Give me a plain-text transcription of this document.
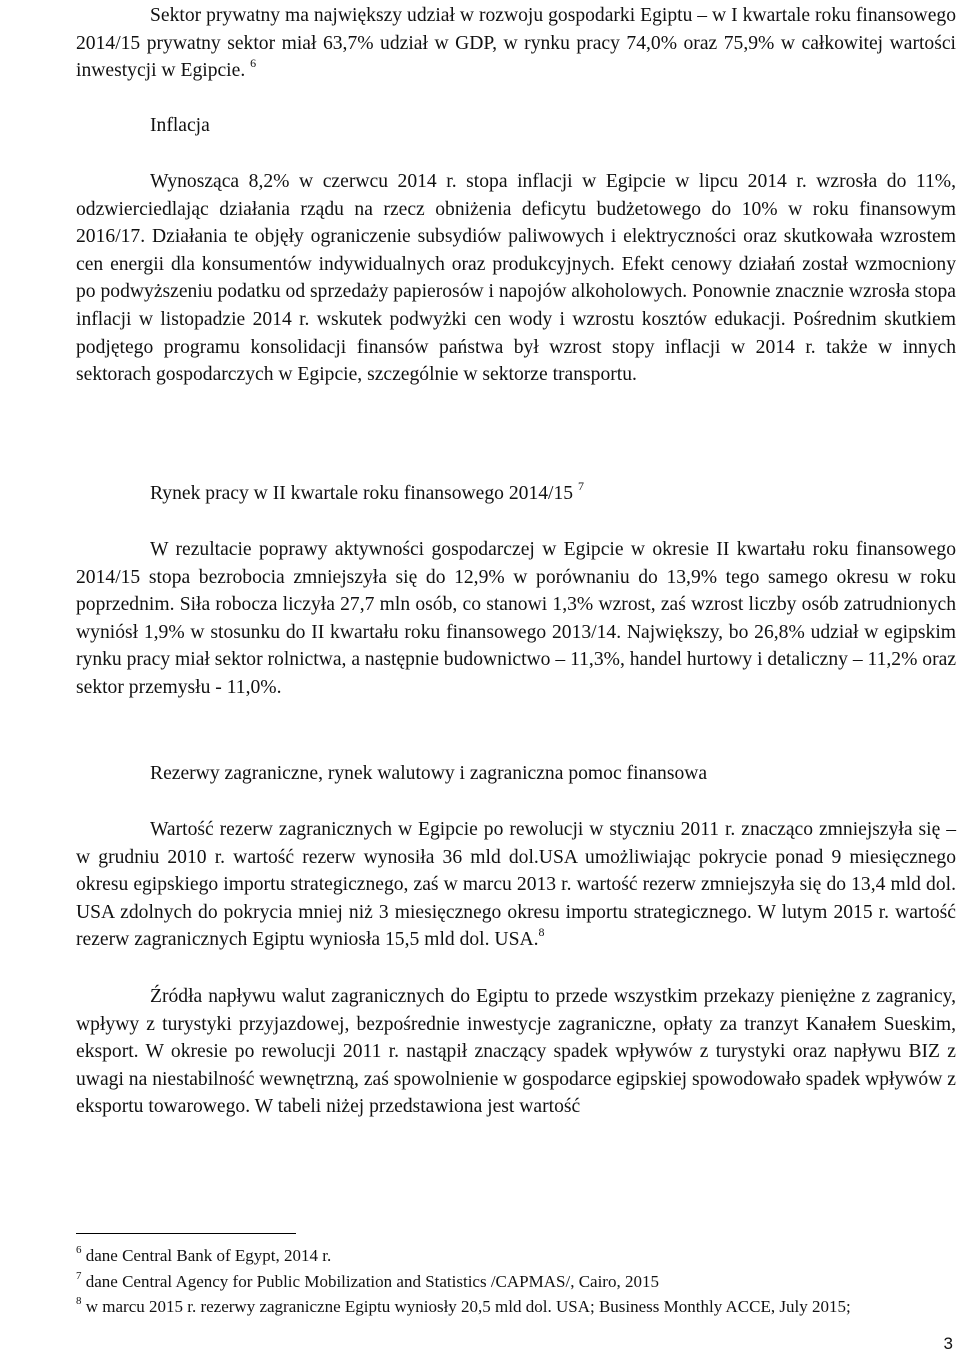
Sektor prywatny ma największy udział w rozwoju gospodarki Egiptu – w I kwartale roku finansowego 2014/15 prywatny sektor miał 63,7% udział w GDP, w rynku pracy 74,0% oraz 75,9% w całkowitej wartości inwestycji w Egipcie. $^6$

Inflacja

Wynosząca 8,2% w czerwcu 2014 r. stopa inflacji w Egipcie w lipcu 2014 r. wzrosła do 11%, odzwierciedlając działania rządu na rzecz obniżenia deficytu budżetowego do 10% w roku finansowym 2016/17. Działania te objęły ograniczenie subsydiów paliwowych i elektryczności oraz skutkowała wzrostem cen energii dla konsumentów indywidualnych oraz produkcyjnych. Efekt cenowy działań został wzmocniony po podwyższeniu podatku od sprzedaży papierosów i napojów alkoholowych. Ponownie znacznie wzrosła stopa inflacji w listopadzie 2014 r. wskutek podwyżki cen wody i wzrostu kosztów edukacji. Pośrednim skutkiem podjętego programu konsolidacji finansów państwa był wzrost stopy inflacji w 2014 r. także w innych sektorach gospodarczych w Egipcie, szczególnie w sektorze transportu.

Rynek pracy w II kwartale roku finansowego 2014/15 $^7$

W rezultacie poprawy aktywności gospodarczej w Egipcie w okresie II kwartału roku finansowego 2014/15 stopa bezrobocia zmniejszyła się do 12,9% w porównaniu do 13,9% tego samego okresu w roku poprzednim. Siła robocza liczyła 27,7 mln osób, co stanowi 1,3% wzrost, zaś wzrost liczby osób zatrudnionych wyniósł 1,9% w stosunku do II kwartału roku finansowego 2013/14. Największy, bo 26,8% udział w egipskim rynku pracy miał sektor rolnictwa, a następnie budownictwo – 11,3%, handel hurtowy i detaliczny – 11,2% oraz sektor przemysłu - 11,0%.

Rezerwy zagraniczne, rynek walutowy i zagraniczna pomoc finansowa

Wartość rezerw zagranicznych w Egipcie po rewolucji w styczniu 2011 r. znacząco zmniejszyła się – w grudniu 2010 r. wartość rezerw wynosiła 36 mld dol.USA umożliwiając pokrycie ponad 9 miesięcznego okresu egipskiego importu strategicznego, zaś w marcu 2013 r. wartość rezerw zmniejszyła się do 13,4 mld dol. USA zdolnych do pokrycia mniej niż 3 miesięcznego okresu importu strategicznego. W lutym 2015 r. wartość rezerw zagranicznych Egiptu wyniosła 15,5 mld dol. USA.$^8$

Źródła napływu walut zagranicznych do Egiptu to przede wszystkim przekazy pieniężne z zagranicy, wpływy z turystyki przyjazdowej, bezpośrednie inwestycje zagraniczne, opłaty za tranzyt Kanałem Sueskim, eksport. W okresie po rewolucji 2011 r. nastąpił znaczący spadek wpływów z turystyki oraz napływu BIZ z uwagi na niestabilność wewnętrzną, zaś spowolnienie w gospodarce egipskiej spowodowało spadek wpływów z eksportu towarowego. W tabeli niżej przedstawiona jest wartość

$^6$ dane Central Bank of Egypt, 2014 r.

$^7$ dane Central Agency for Public Mobilization and Statistics /CAPMAS/, Cairo, 2015

$^8$ w marcu 2015 r. rezerwy zagraniczne Egiptu wyniosły 20,5 mld dol. USA; Business Monthly ACCE, July 2015;

3
